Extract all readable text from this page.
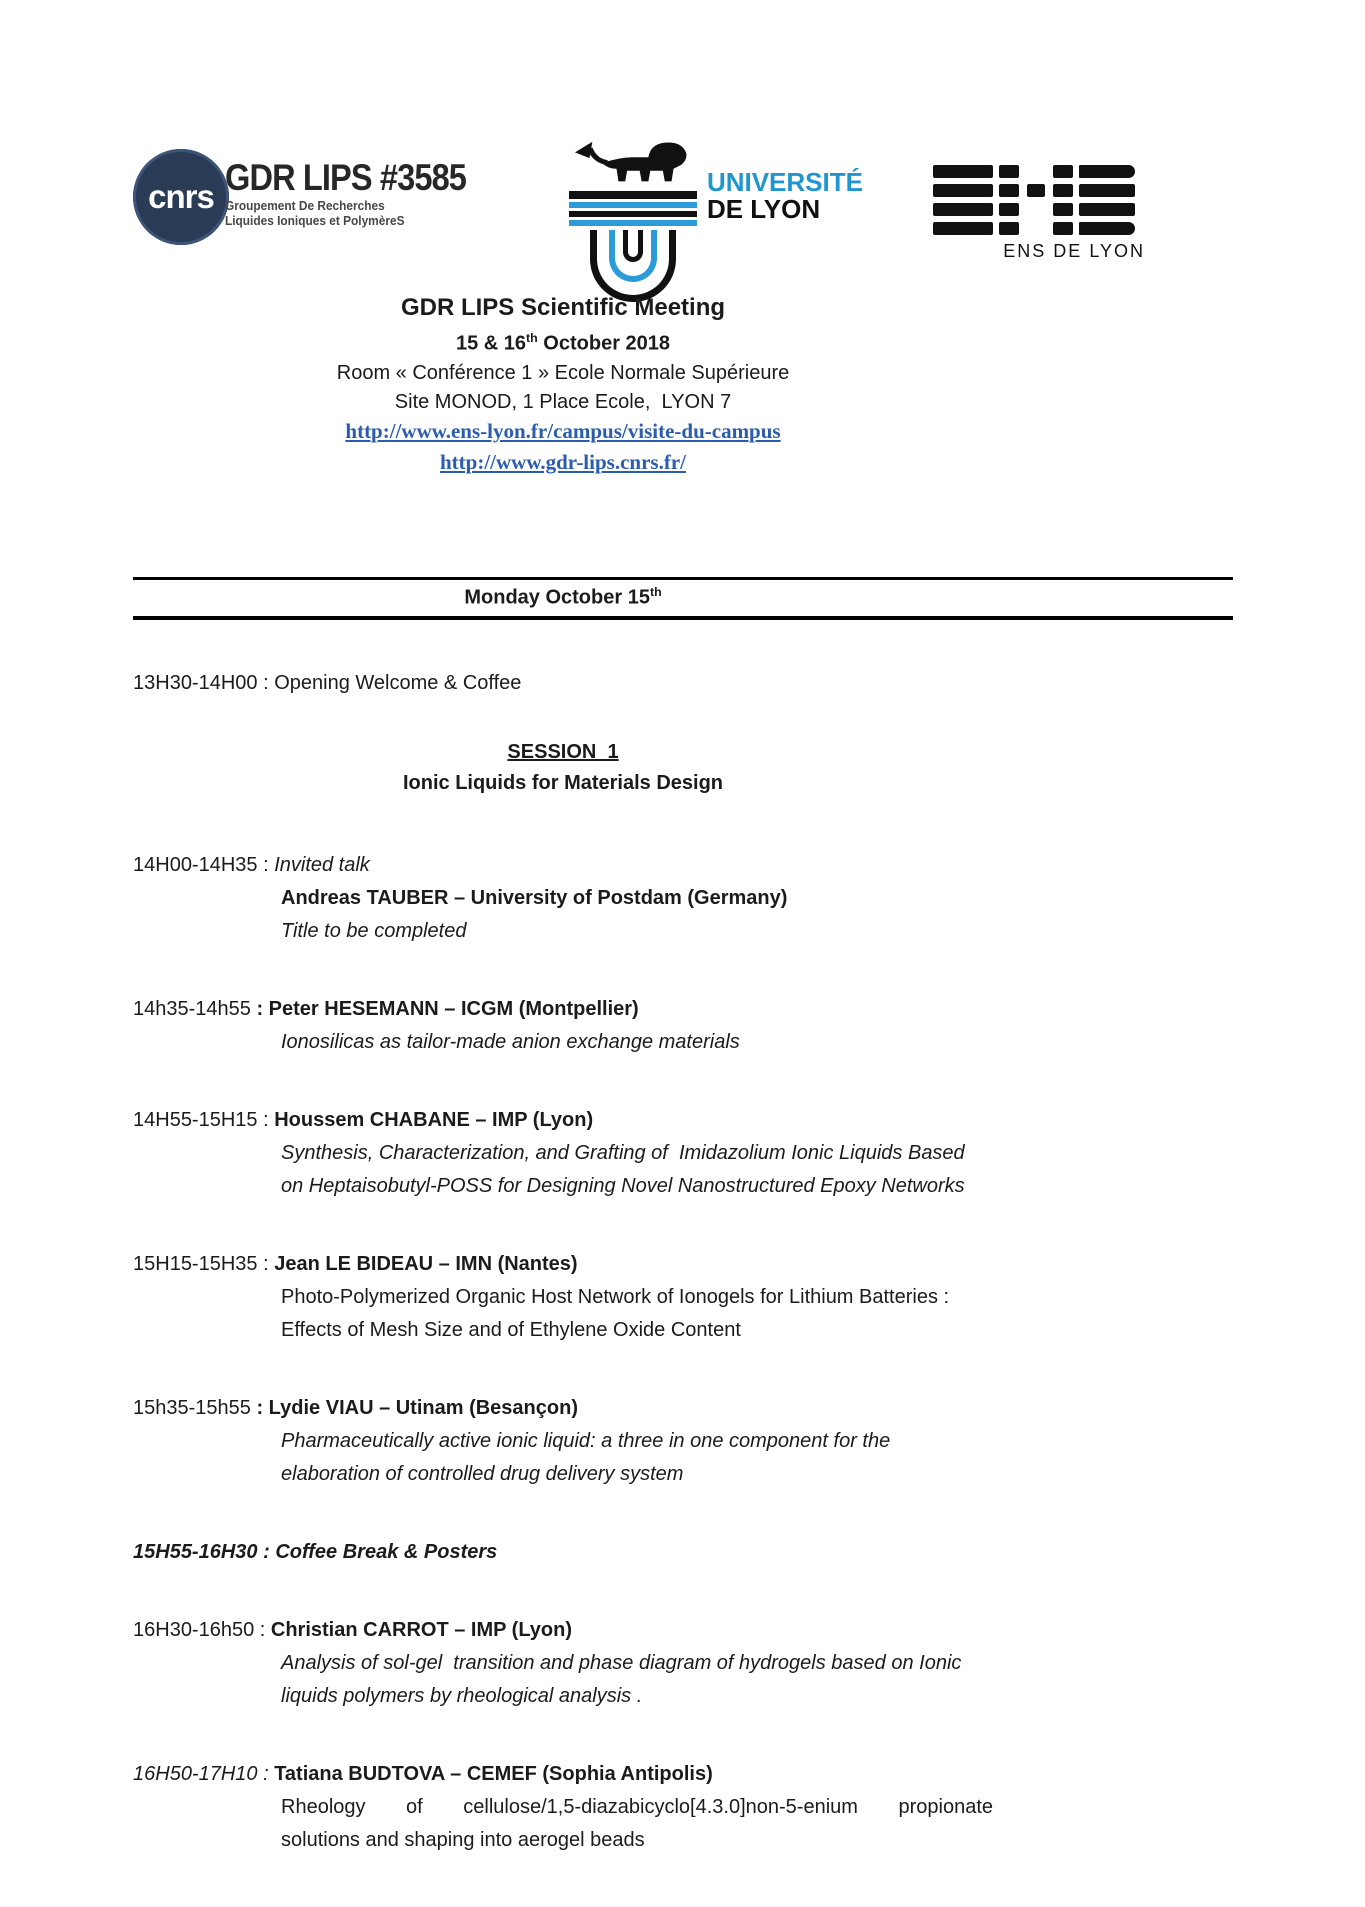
cnrs GDR LIPS #3585
Groupement De Recherches
Liquides Ioniques et PolymèreS
UNIVERSITÉ
DE LYON
ENS DE LYON
GDR LIPS Scientific Meeting
15 & 16th October 2018
Room « Conférence 1 » Ecole Normale Supérieure
Site MONOD, 1 Place Ecole,  LYON 7
http://www.ens-lyon.fr/campus/visite-du-campus
http://www.gdr-lips.cnrs.fr/
Monday October 15th
13H30-14H00 : Opening Welcome & Coffee
SESSION  1
Ionic Liquids for Materials Design
14H00-14H35 : Invited talk
Andreas TAUBER – University of Postdam (Germany)
Title to be completed
14h35-14h55 : Peter HESEMANN – ICGM (Montpellier)
Ionosilicas as tailor-made anion exchange materials
14H55-15H15 : Houssem CHABANE – IMP (Lyon)
Synthesis, Characterization, and Grafting of  Imidazolium Ionic Liquids Based
on Heptaisobutyl-POSS for Designing Novel Nanostructured Epoxy Networks
15H15-15H35 : Jean LE BIDEAU – IMN (Nantes)
Photo-Polymerized Organic Host Network of Ionogels for Lithium Batteries :
Effects of Mesh Size and of Ethylene Oxide Content
15h35-15h55 : Lydie VIAU – Utinam (Besançon)
Pharmaceutically active ionic liquid: a three in one component for the
elaboration of controlled drug delivery system
15H55-16H30 : Coffee Break & Posters
16H30-16h50 : Christian CARROT – IMP (Lyon)
Analysis of sol-gel  transition and phase diagram of hydrogels based on Ionic
liquids polymers by rheological analysis .
16H50-17H10 : Tatiana BUDTOVA – CEMEF (Sophia Antipolis)
Rheology of cellulose/1,5-diazabicyclo[4.3.0]non-5-enium propionate
solutions and shaping into aerogel beads
